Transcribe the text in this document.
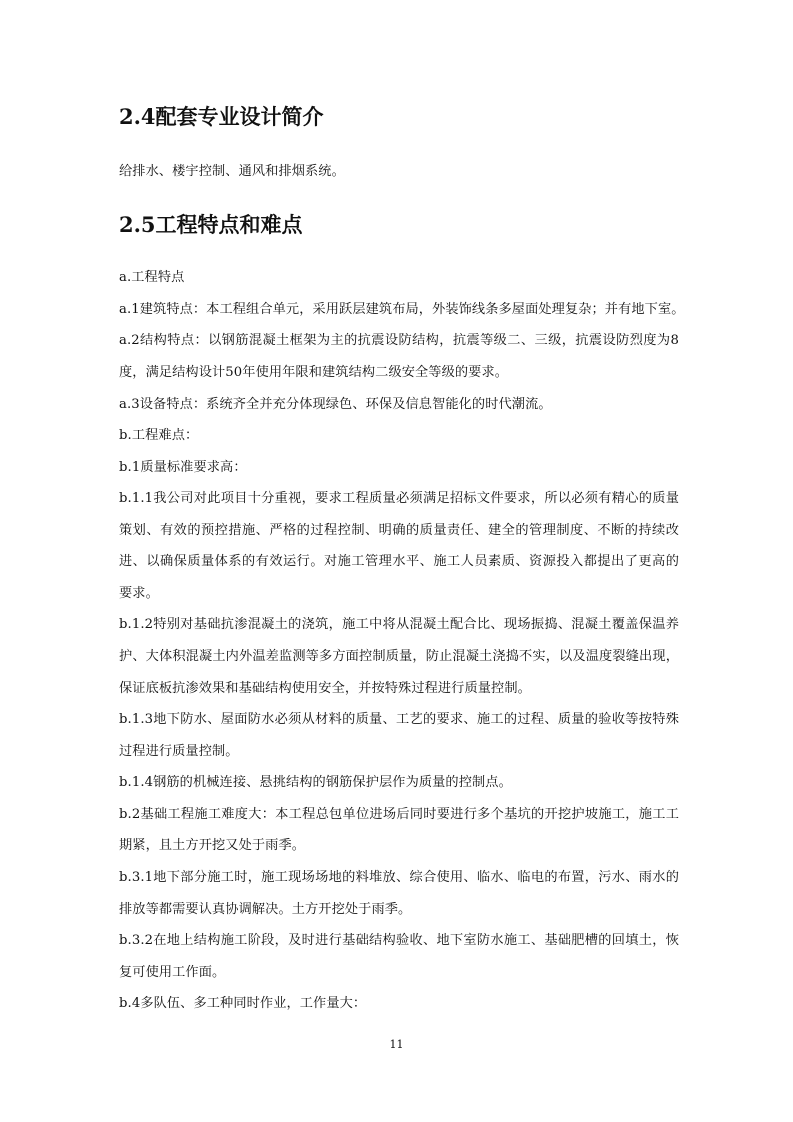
2.4配套专业设计简介

给排水、楼宇控制、通风和排烟系统。

2.5工程特点和难点

a.工程特点

a.1建筑特点：本工程组合单元，采用跃层建筑布局，外装饰线条多屋面处理复杂；并有地下室。

a.2结构特点：以钢筋混凝土框架为主的抗震设防结构，抗震等级二、三级，抗震设防烈度为8

度，满足结构设计50年使用年限和建筑结构二级安全等级的要求。

a.3设备特点：系统齐全并充分体现绿色、环保及信息智能化的时代潮流。

b.工程难点：

b.1质量标准要求高：

b.1.1我公司对此项目十分重视，要求工程质量必须满足招标文件要求，所以必须有精心的质量

策划、有效的预控措施、严格的过程控制、明确的质量责任、建全的管理制度、不断的持续改

进、以确保质量体系的有效运行。对施工管理水平、施工人员素质、资源投入都提出了更高的

要求。

b.1.2特别对基础抗渗混凝土的浇筑，施工中将从混凝土配合比、现场振捣、混凝土覆盖保温养

护、大体积混凝土内外温差监测等多方面控制质量，防止混凝土浇捣不实，以及温度裂缝出现，

保证底板抗渗效果和基础结构使用安全，并按特殊过程进行质量控制。

b.1.3地下防水、屋面防水必须从材料的质量、工艺的要求、施工的过程、质量的验收等按特殊

过程进行质量控制。

b.1.4钢筋的机械连接、悬挑结构的钢筋保护层作为质量的控制点。

b.2基础工程施工难度大：本工程总包单位进场后同时要进行多个基坑的开挖护坡施工，施工工

期紧，且土方开挖又处于雨季。

b.3.1地下部分施工时，施工现场场地的料堆放、综合使用、临水、临电的布置，污水、雨水的

排放等都需要认真协调解决。土方开挖处于雨季。

b.3.2在地上结构施工阶段，及时进行基础结构验收、地下室防水施工、基础肥槽的回填土，恢

复可使用工作面。

b.4多队伍、多工种同时作业，工作量大：

11
